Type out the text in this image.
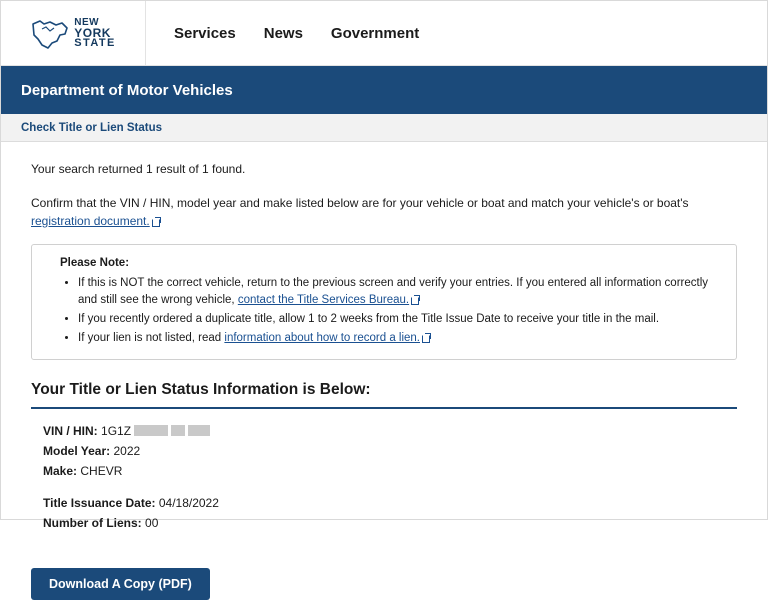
NEW
YORK
STATE
Services News Government
Department of Motor Vehicles
Check Title or Lien Status

Your search returned 1 result of 1 found.

Confirm that the VIN / HIN, model year and make listed below are for your vehicle or boat and match your vehicle's or boat's registration document.

Please Note:
• If this is NOT the correct vehicle, return to the previous screen and verify your entries. If you entered all information correctly and still see the wrong vehicle, contact the Title Services Bureau.
• If you recently ordered a duplicate title, allow 1 to 2 weeks from the Title Issue Date to receive your title in the mail.
• If your lien is not listed, read information about how to record a lien.
Your Title or Lien Status Information is Below:
VIN / HIN: 1G1Z
Model Year: 2022
Make: CHEVR
Title Issuance Date: 04/18/2022
Number of Liens: 00
Download A Copy (PDF)
